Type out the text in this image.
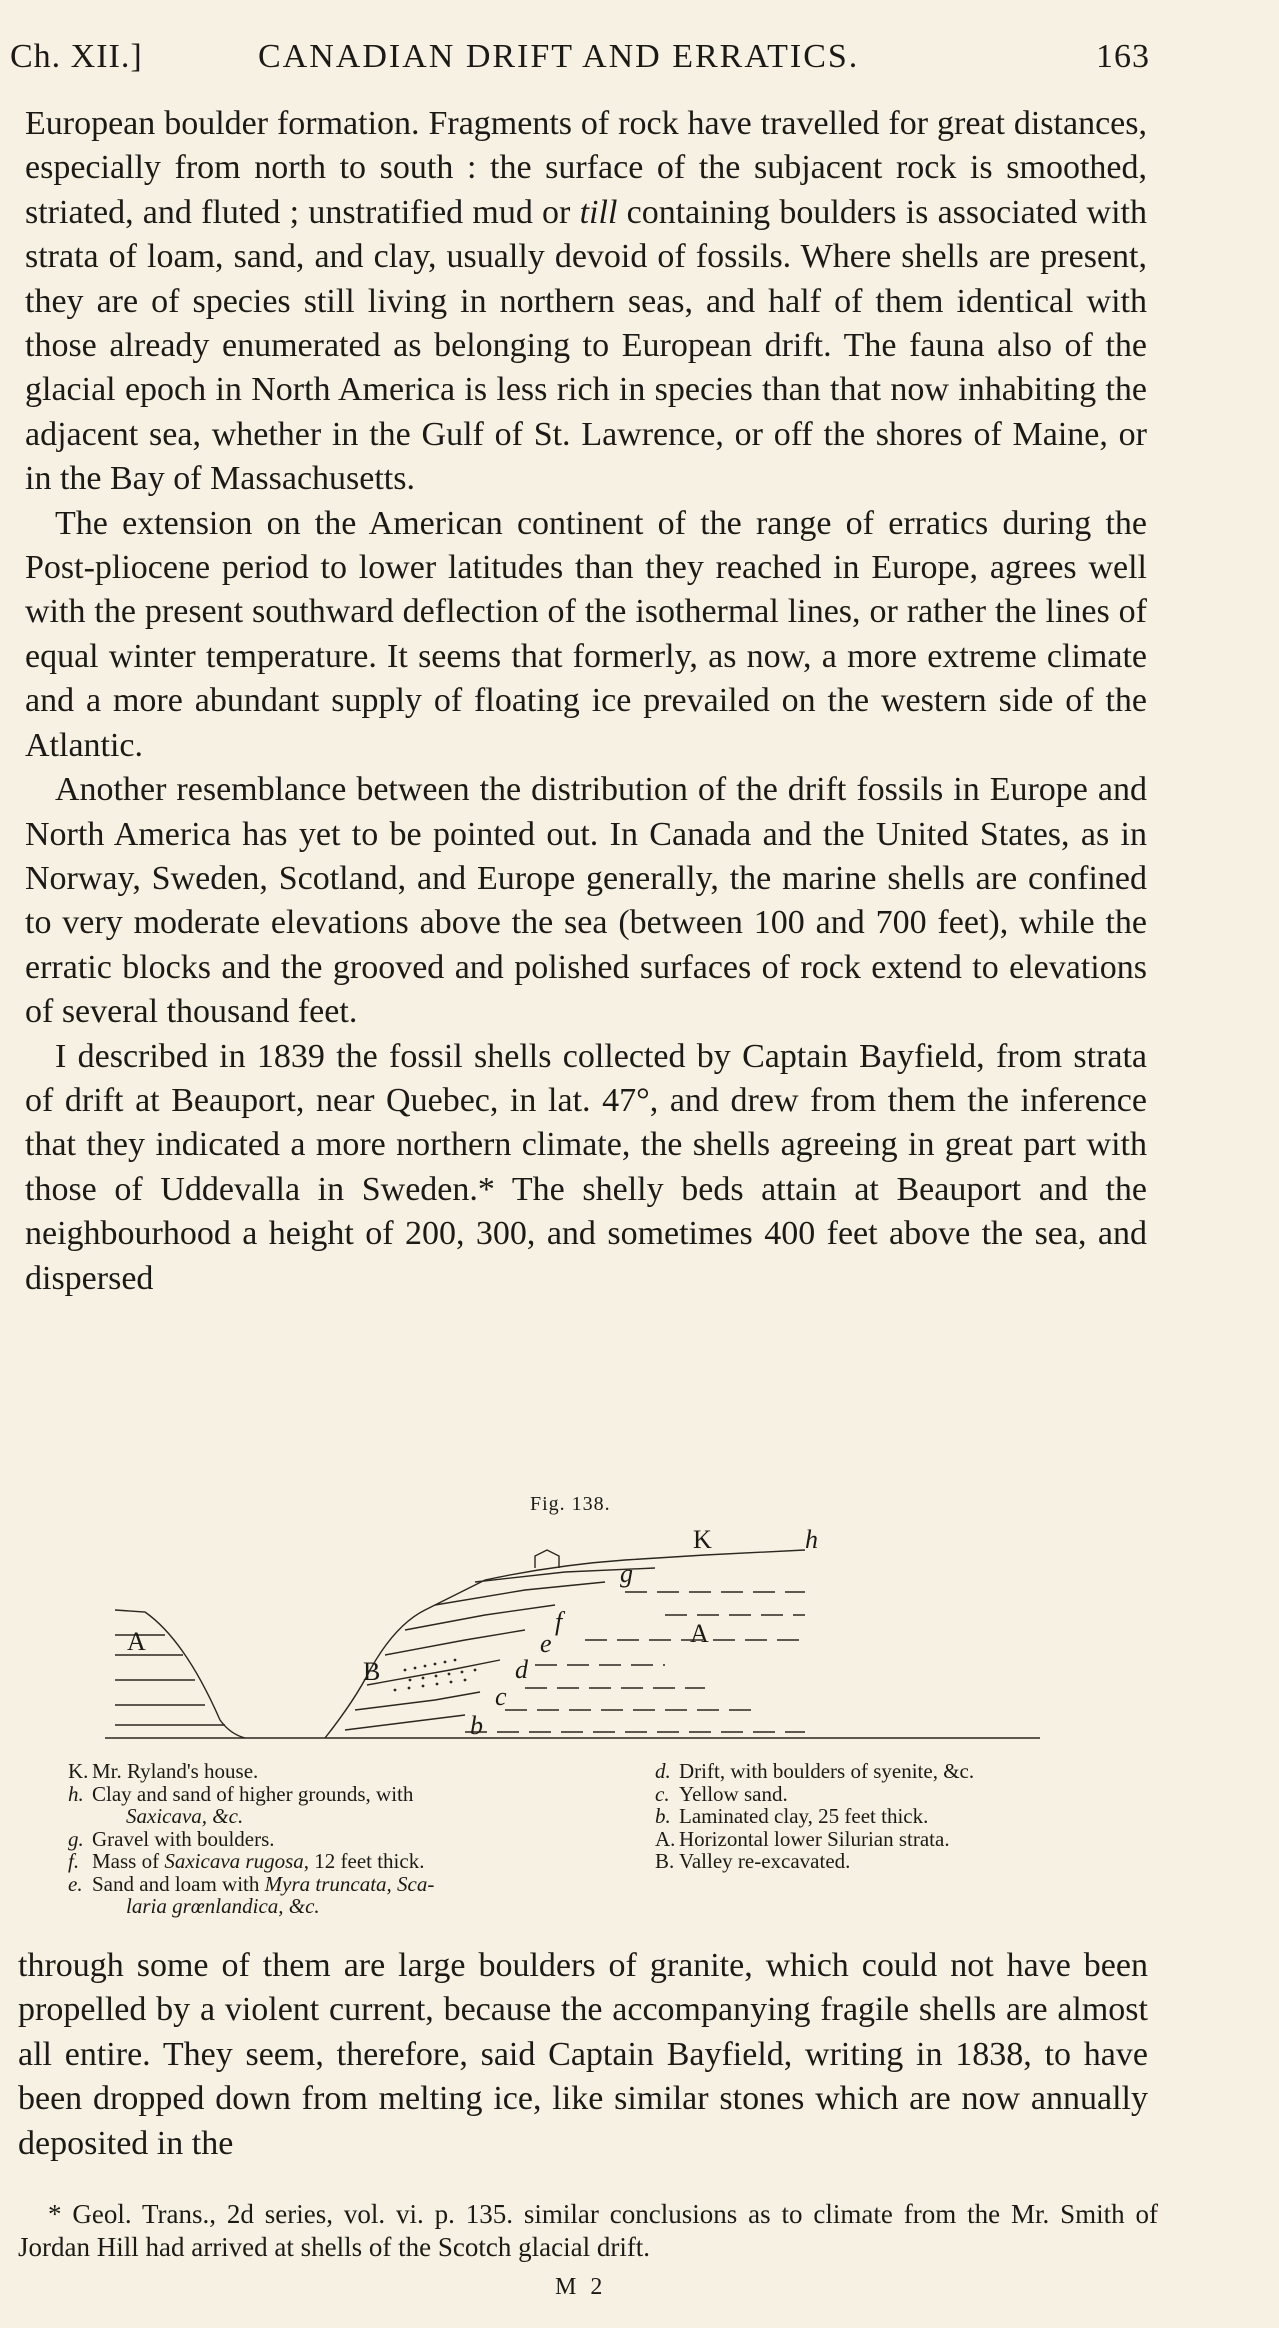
Ch. XII.]	CANADIAN DRIFT AND ERRATICS.	163

European boulder formation. Fragments of rock have travelled for great distances, especially from north to south : the surface of the subjacent rock is smoothed, striated, and fluted ; unstratified mud or till containing boulders is associated with strata of loam, sand, and clay, usually devoid of fossils. Where shells are present, they are of species still living in northern seas, and half of them identical with those already enumerated as belonging to European drift. The fauna also of the glacial epoch in North America is less rich in species than that now inhabiting the adjacent sea, whether in the Gulf of St. Lawrence, or off the shores of Maine, or in the Bay of Massachusetts.

The extension on the American continent of the range of erratics during the Post-pliocene period to lower latitudes than they reached in Europe, agrees well with the present southward deflection of the isothermal lines, or rather the lines of equal winter temperature. It seems that formerly, as now, a more extreme climate and a more abundant supply of floating ice prevailed on the western side of the Atlantic.

Another resemblance between the distribution of the drift fossils in Europe and North America has yet to be pointed out. In Canada and the United States, as in Norway, Sweden, Scotland, and Europe generally, the marine shells are confined to very moderate elevations above the sea (between 100 and 700 feet), while the erratic blocks and the grooved and polished surfaces of rock extend to elevations of several thousand feet.

I described in 1839 the fossil shells collected by Captain Bayfield, from strata of drift at Beauport, near Quebec, in lat. 47°, and drew from them the inference that they indicated a more northern climate, the shells agreeing in great part with those of Uddevalla in Sweden.* The shelly beds attain at Beauport and the neighbourhood a height of 200, 300, and sometimes 400 feet above the sea, and dispersed

Fig. 138.
A
B
A
K	h
g
f
e
d
c
b
K. Mr. Ryland's house.
h. Clay and sand of higher grounds, with
Saxicava, &c.
g. Gravel with boulders.
f. Mass of Saxicava rugosa, 12 feet thick.
e. Sand and loam with Myra truncata, Sca-
laria grœnlandica, &c.
d. Drift, with boulders of syenite, &c.
c. Yellow sand.
b. Laminated clay, 25 feet thick.
A. Horizontal lower Silurian strata.
B. Valley re-excavated.

through some of them are large boulders of granite, which could not have been propelled by a violent current, because the accompanying fragile shells are almost all entire. They seem, therefore, said Captain Bayfield, writing in 1838, to have been dropped down from melting ice, like similar stones which are now annually deposited in the

* Geol. Trans., 2d series, vol. vi. p. 135. similar conclusions as to climate from the Mr. Smith of Jordan Hill had arrived at shells of the Scotch glacial drift.

M 2
